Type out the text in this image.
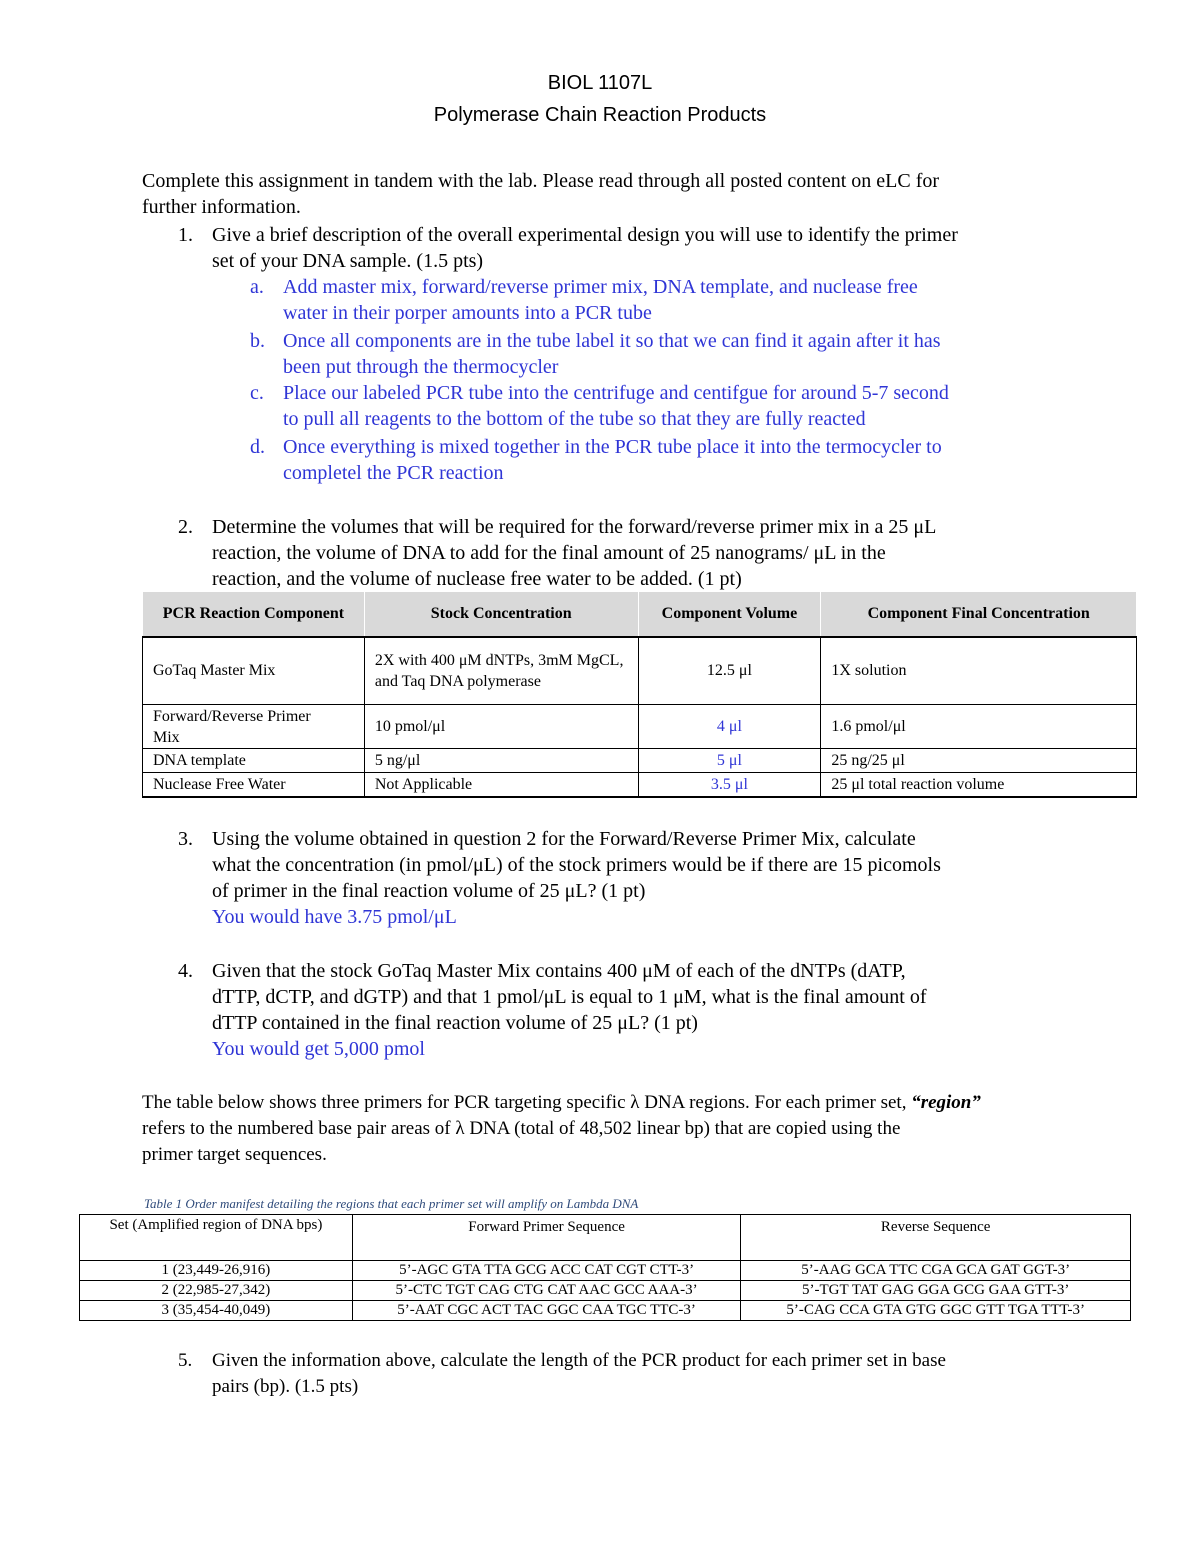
BIOL 1107L
Polymerase Chain Reaction Products
Complete this assignment in tandem with the lab. Please read through all posted content on eLC for
further information.
1. Give a brief description of the overall experimental design you will use to identify the primer
set of your DNA sample. (1.5 pts)
a. Add master mix, forward/reverse primer mix, DNA template, and nuclease free
water in their porper amounts into a PCR tube
b. Once all components are in the tube label it so that we can find it again after it has
been put through the thermocycler
c. Place our labeled PCR tube into the centrifuge and centifgue for around 5-7 second
to pull all reagents to the bottom of the tube so that they are fully reacted
d. Once everything is mixed together in the PCR tube place it into the termocycler to
completel the PCR reaction
2. Determine the volumes that will be required for the forward/reverse primer mix in a 25 μL
reaction, the volume of DNA to add for the final amount of 25 nanograms/ μL in the
reaction, and the volume of nuclease free water to be added. (1 pt)
PCR Reaction Component	Stock Concentration	Component Volume	Component Final Concentration
GoTaq Master Mix	2X with 400 μM dNTPs, 3mM MgCL, and Taq DNA polymerase	12.5 μl	1X solution
Forward/Reverse Primer Mix	10 pmol/μl	4 μl	1.6 pmol/μl
DNA template	5 ng/μl	5 μl	25 ng/25 μl
Nuclease Free Water	Not Applicable	3.5 μl	25 μl total reaction volume
3. Using the volume obtained in question 2 for the Forward/Reverse Primer Mix, calculate
what the concentration (in pmol/μL) of the stock primers would be if there are 15 picomols
of primer in the final reaction volume of 25 μL? (1 pt)
You would have 3.75 pmol/μL
4. Given that the stock GoTaq Master Mix contains 400 μM of each of the dNTPs (dATP,
dTTP, dCTP, and dGTP) and that 1 pmol/μL is equal to 1 μM, what is the final amount of
dTTP contained in the final reaction volume of 25 μL? (1 pt)
You would get 5,000 pmol
The table below shows three primers for PCR targeting specific λ DNA regions. For each primer set, “region”
refers to the numbered base pair areas of λ DNA (total of 48,502 linear bp) that are copied using the
primer target sequences.
Table 1 Order manifest detailing the regions that each primer set will amplify on Lambda DNA
Set (Amplified region of DNA bps)	Forward Primer Sequence	Reverse Sequence
1 (23,449-26,916)	5’-AGC GTA TTA GCG ACC CAT CGT CTT-3’	5’-AAG GCA TTC CGA GCA GAT GGT-3’
2 (22,985-27,342)	5’-CTC TGT CAG CTG CAT AAC GCC AAA-3’	5’-TGT TAT GAG GGA GCG GAA GTT-3’
3 (35,454-40,049)	5’-AAT CGC ACT TAC GGC CAA TGC TTC-3’	5’-CAG CCA GTA GTG GGC GTT TGA TTT-3’
5. Given the information above, calculate the length of the PCR product for each primer set in base
pairs (bp). (1.5 pts)
